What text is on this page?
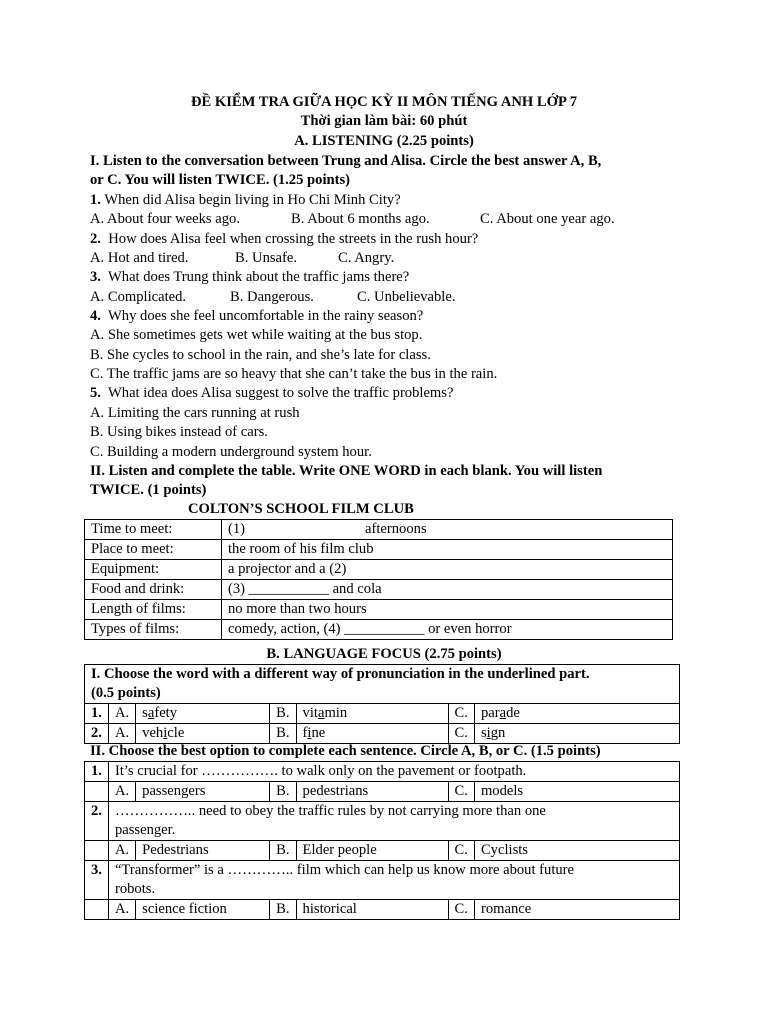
ĐỀ KIỂM TRA GIỮA HỌC KỲ II MÔN TIẾNG ANH LỚP 7
Thời gian làm bài: 60 phút
A. LISTENING (2.25 points)
I. Listen to the conversation between Trung and Alisa. Circle the best answer A, B,
or C. You will listen TWICE. (1.25 points)
1. When did Alisa begin living in Ho Chi Minh City?
A. About four weeks ago.	B. About 6 months ago.	C. About one year ago.
2. How does Alisa feel when crossing the streets in the rush hour?
A. Hot and tired.	B. Unsafe.	C. Angry.
3. What does Trung think about the traffic jams there?
A. Complicated.	B. Dangerous.	C. Unbelievable.
4. Why does she feel uncomfortable in the rainy season?
A. She sometimes gets wet while waiting at the bus stop.
B. She cycles to school in the rain, and she’s late for class.
C. The traffic jams are so heavy that she can’t take the bus in the rain.
5. What idea does Alisa suggest to solve the traffic problems?
A. Limiting the cars running at rush
B. Using bikes instead of cars.
C. Building a modern underground system hour.
II. Listen and complete the table. Write ONE WORD in each blank. You will listen
TWICE. (1 points)
COLTON’S SCHOOL FILM CLUB
Time to meet:	(1) afternoons
Place to meet:	the room of his film club
Equipment:	a projector and a (2)
Food and drink:	(3) ___________ and cola
Length of films:	no more than two hours
Types of films:	comedy, action, (4) ___________ or even horror
B. LANGUAGE FOCUS (2.75 points)
I. Choose the word with a different way of pronunciation in the underlined part.
(0.5 points)						
1.	A.	safety	B.	vitamin	C.	parade
2.	A.	vehicle	B.	fine	C.	sign
II. Choose the best option to complete each sentence. Circle A, B, or C. (1.5 points)
1.	It’s crucial for ……………. to walk only on the pavement or footpath.					
	A.	passengers	B.	pedestrians	C.	models
2.	…………….. need to obey the traffic rules by not carrying more than one
passenger.					
	A.	Pedestrians	B.	Elder people	C.	Cyclists
3.	“Transformer” is a ………….. film which can help us know more about future
robots.					
	A.	science fiction	B.	historical	C.	romance
